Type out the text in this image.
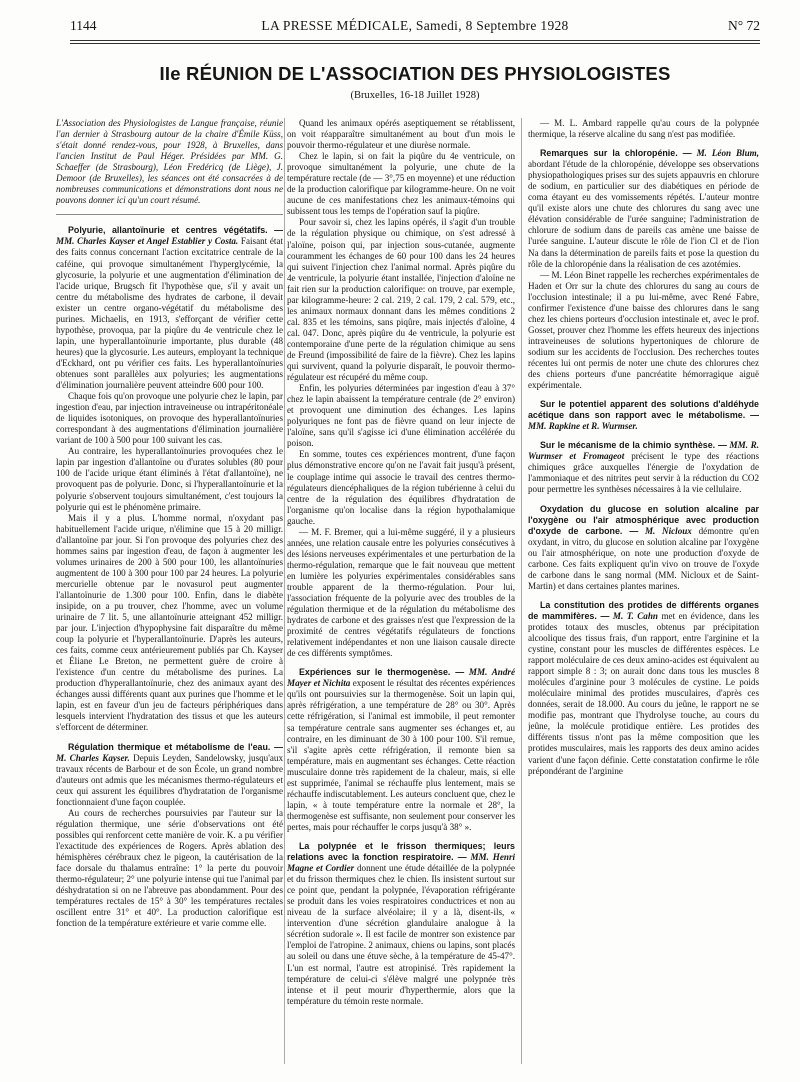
1144	LA PRESSE MÉDICALE, Samedi, 8 Septembre 1928	N° 72
IIe RÉUNION DE L'ASSOCIATION DES PHYSIOLOGISTES
(Bruxelles, 16-18 Juillet 1928)

L'Association des Physiologistes de Langue française, réunie l'an dernier à Strasbourg autour de la chaire d'Émile Küss, s'était donné rendez-vous, pour 1928, à Bruxelles, dans l'ancien Institut de Paul Héger. Présidées par MM. G. Schaeffer (de Strasbourg), Léon Fredéricq (de Liège), J. Demoor (de Bruxelles), les séances ont été consacrées à de nombreuses communications et démonstrations dont nous ne pouvons donner ici qu'un court résumé.

Polyurie, allantoïnurie et centres végétatifs. — MM. Charles Kayser et Angel Establier y Costa. Faisant état des faits connus concernant l'action excitatrice centrale de la caféine, qui provoque simultanément l'hyperglycémie, la glycosurie, la polyurie et une augmentation d'élimination de l'acide urique, Brugsch fit l'hypothèse que, s'il y avait un centre du métabolisme des hydrates de carbone, il devait exister un centre organo-végétatif du métabolisme des purines. Michaelis, en 1913, s'efforçant de vérifier cette hypothèse, provoqua, par la piqûre du 4e ventricule chez le lapin, une hyperallantoïnurie importante, plus durable (48 heures) que la glycosurie. Les auteurs, employant la technique d'Eckhard, ont pu vérifier ces faits. Les hyperallantoïnuries obtenues sont parallèles aux polyuries; les augmentations d'élimination journalière peuvent atteindre 600 pour 100.

Chaque fois qu'on provoque une polyurie chez le lapin, par ingestion d'eau, par injection intraveineuse ou intrapéritonéale de liquides isotoniques, on provoque des hyperallantoïnuries correspondant à des augmentations d'élimination journalière variant de 100 à 500 pour 100 suivant les cas.

Au contraire, les hyperallantoïnuries provoquées chez le lapin par ingestion d'allantoïne ou d'urates solubles (80 pour 100 de l'acide urique étant éliminés à l'état d'allantoïne), ne provoquent pas de polyurie. Donc, si l'hyperallantoïnurie et la polyurie s'observent toujours simultanément, c'est toujours la polyurie qui est le phénomène primaire.

Mais il y a plus. L'homme normal, n'oxydant pas habituellement l'acide urique, n'élimine que 15 à 20 milligr. d'allantoïne par jour. Si l'on provoque des polyuries chez des hommes sains par ingestion d'eau, de façon à augmenter les volumes urinaires de 200 à 500 pour 100, les allantoïnuries augmentent de 100 à 300 pour 100 par 24 heures. La polyurie mercurielle obtenue par le novasurol peut augmenter l'allantoïnurie de 1.300 pour 100. Enfin, dans le diabète insipide, on a pu trouver, chez l'homme, avec un volume urinaire de 7 lit. 5, une allantoïnurie atteignant 452 milligr. par jour. L'injection d'hypophysine fait disparaître du même coup la polyurie et l'hyperallantoïnurie. D'après les auteurs, ces faits, comme ceux antérieurement publiés par Ch. Kayser et Éliane Le Breton, ne permettent guère de croire à l'existence d'un centre du métabolisme des purines. La production d'hyperallantoïnurie, chez des animaux ayant des échanges aussi différents quant aux purines que l'homme et le lapin, est en faveur d'un jeu de facteurs périphériques dans lesquels intervient l'hydratation des tissus et que les auteurs s'efforcent de déterminer.

Régulation thermique et métabolisme de l'eau. — M. Charles Kayser. Depuis Leyden, Sandelowsky, jusqu'aux travaux récents de Barbour et de son École, un grand nombre d'auteurs ont admis que les mécanismes thermo-régulateurs et ceux qui assurent les équilibres d'hydratation de l'organisme fonctionnaient d'une façon couplée.

Au cours de recherches poursuivies par l'auteur sur la régulation thermique, une série d'observations ont été possibles qui renforcent cette manière de voir. K. a pu vérifier l'exactitude des expériences de Rogers. Après ablation des hémisphères cérébraux chez le pigeon, la cautérisation de la face dorsale du thalamus entraîne: 1° la perte du pouvoir thermo-régulateur; 2° une polyurie intense qui tue l'animal par déshydratation si on ne l'abreuve pas abondamment. Pour des températures rectales de 15° à 30° les températures rectales oscillent entre 31° et 40°. La production calorifique est fonction de la température extérieure et varie comme elle.

Quand les animaux opérés aseptiquement se rétablissent, on voit réapparaître simultanément au bout d'un mois le pouvoir thermo-régulateur et une diurèse normale.

Chez le lapin, si on fait la piqûre du 4e ventricule, on provoque simultanément la polyurie, une chute de la température rectale (de — 3°,75 en moyenne) et une réduction de la production calorifique par kilogramme-heure. On ne voit aucune de ces manifestations chez les animaux-témoins qui subissent tous les temps de l'opération sauf la piqûre.

Pour savoir si, chez les lapins opérés, il s'agit d'un trouble de la régulation physique ou chimique, on s'est adressé à l'aloïne, poison qui, par injection sous-cutanée, augmente couramment les échanges de 60 pour 100 dans les 24 heures qui suivent l'injection chez l'animal normal. Après piqûre du 4e ventricule, la polyurie étant installée, l'injection d'aloïne ne fait rien sur la production calorifique: on trouve, par exemple, par kilogramme-heure: 2 cal. 219, 2 cal. 179, 2 cal. 579, etc., les animaux normaux donnant dans les mêmes conditions 2 cal. 835 et les témoins, sans piqûre, mais injectés d'aloïne, 4 cal. 047. Donc, après piqûre du 4e ventricule, la polyurie est contemporaine d'une perte de la régulation chimique au sens de Freund (impossibilité de faire de la fièvre). Chez les lapins qui survivent, quand la polyurie disparaît, le pouvoir thermo-régulateur est récupéré du même coup.

Enfin, les polyuries déterminées par ingestion d'eau à 37° chez le lapin abaissent la température centrale (de 2° environ) et provoquent une diminution des échanges. Les lapins polyuriques ne font pas de fièvre quand on leur injecte de l'aloïne, sans qu'il s'agisse ici d'une élimination accélérée du poison.

En somme, toutes ces expériences montrent, d'une façon plus démonstrative encore qu'on ne l'avait fait jusqu'à présent, le couplage intime qui associe le travail des centres thermo-régulateurs diencéphaliques de la région tubérienne à celui du centre de la régulation des équilibres d'hydratation de l'organisme qu'on localise dans la région hypothalamique gauche.

— M. F. Bremer, qui a lui-même suggéré, il y a plusieurs années, une relation causale entre les polyuries consécutives à des lésions nerveuses expérimentales et une perturbation de la thermo-régulation, remarque que le fait nouveau que mettent en lumière les polyuries expérimentales considérables sans trouble apparent de la thermo-régulation. Pour lui, l'association fréquente de la polyurie avec des troubles de la régulation thermique et de la régulation du métabolisme des hydrates de carbone et des graisses n'est que l'expression de la proximité de centres végétatifs régulateurs de fonctions relativement indépendantes et non une liaison causale directe de ces différents symptômes.

Expériences sur le thermogenèse. — MM. André Mayer et Nichita exposent le résultat des récentes expériences qu'ils ont poursuivies sur la thermogenèse. Soit un lapin qui, après réfrigération, a une température de 28° ou 30°. Après cette réfrigération, si l'animal est immobile, il peut remonter sa température centrale sans augmenter ses échanges et, au contraire, en les diminuant de 30 à 100 pour 100. S'il remue, s'il s'agite après cette réfrigération, il remonte bien sa température, mais en augmentant ses échanges. Cette réaction musculaire donne très rapidement de la chaleur, mais, si elle est supprimée, l'animal se réchauffe plus lentement, mais se réchauffe indiscutablement. Les auteurs concluent que, chez le lapin, « à toute température entre la normale et 28°, la thermogenèse est suffisante, non seulement pour conserver les pertes, mais pour réchauffer le corps jusqu'à 38° ».

La polypnée et le frisson thermiques; leurs relations avec la fonction respiratoire. — MM. Henri Magne et Cordier donnent une étude détaillée de la polypnée et du frisson thermiques chez le chien. Ils insistent surtout sur ce point que, pendant la polypnée, l'évaporation réfrigérante se produit dans les voies respiratoires conductrices et non au niveau de la surface alvéolaire; il y a là, disent-ils, « intervention d'une sécrétion glandulaire analogue à la sécrétion sudorale ». Il est facile de montrer son existence par l'emploi de l'atropine. 2 animaux, chiens ou lapins, sont placés au soleil ou dans une étuve sèche, à la température de 45-47°. L'un est normal, l'autre est atropinisé. Très rapidement la température de celui-ci s'élève malgré une polypnée très intense et il peut mourir d'hyperthermie, alors que la température du témoin reste normale.

— M. L. Ambard rappelle qu'au cours de la polypnée thermique, la réserve alcaline du sang n'est pas modifiée.

Remarques sur la chloropénie. — M. Léon Blum, abordant l'étude de la chloropénie, développe ses observations physiopathologiques prises sur des sujets appauvris en chlorure de sodium, en particulier sur des diabétiques en période de coma étayant eu des vomissements répétés. L'auteur montre qu'il existe alors une chute des chlorures du sang avec une élévation considérable de l'urée sanguine; l'administration de chlorure de sodium dans de pareils cas amène une baisse de l'urée sanguine. L'auteur discute le rôle de l'ion Cl et de l'ion Na dans la détermination de pareils faits et pose la question du rôle de la chloropénie dans la réalisation de ces azotémies.

— M. Léon Binet rappelle les recherches expérimentales de Haden et Orr sur la chute des chlorures du sang au cours de l'occlusion intestinale; il a pu lui-même, avec René Fabre, confirmer l'existence d'une baisse des chlorures dans le sang chez les chiens porteurs d'occlusion intestinale et, avec le prof. Gosset, prouver chez l'homme les effets heureux des injections intraveineuses de solutions hypertoniques de chlorure de sodium sur les accidents de l'occlusion. Des recherches toutes récentes lui ont permis de noter une chute des chlorures chez des chiens porteurs d'une pancréatite hémorragique aiguë expérimentale.

Sur le potentiel apparent des solutions d'aldéhyde acétique dans son rapport avec le métabolisme. — MM. Rapkine et R. Wurmser.

Sur le mécanisme de la chimio synthèse. — MM. R. Wurmser et Fromageot précisent le type des réactions chimiques grâce auxquelles l'énergie de l'oxydation de l'ammoniaque et des nitrites peut servir à la réduction du CO2 pour permettre les synthèses nécessaires à la vie cellulaire.

Oxydation du glucose en solution alcaline par l'oxygène ou l'air atmosphérique avec production d'oxyde de carbone. — M. Nicloux démontre qu'en oxydant, in vitro, du glucose en solution alcaline par l'oxygène ou l'air atmosphérique, on note une production d'oxyde de carbone. Ces faits expliquent qu'in vivo on trouve de l'oxyde de carbone dans le sang normal (MM. Nicloux et de Saint-Martin) et dans certaines plantes marines.

La constitution des protides de différents organes de mammifères. — M. T. Cahn met en évidence, dans les protides totaux des muscles, obtenus par précipitation alcoolique des tissus frais, d'un rapport, entre l'arginine et la cystine, constant pour les muscles de différentes espèces. Le rapport moléculaire de ces deux amino-acides est équivalent au rapport simple 8 : 3; on aurait donc dans tous les muscles 8 molécules d'arginine pour 3 molécules de cystine. Le poids moléculaire minimal des protides musculaires, d'après ces données, serait de 18.000. Au cours du jeûne, le rapport ne se modifie pas, montrant que l'hydrolyse touche, au cours du jeûne, la molécule protidique entière. Les protides des différents tissus n'ont pas la même composition que les protides musculaires, mais les rapports des deux amino acides varient d'une façon définie. Cette constatation confirme le rôle prépondérant de l'arginine
